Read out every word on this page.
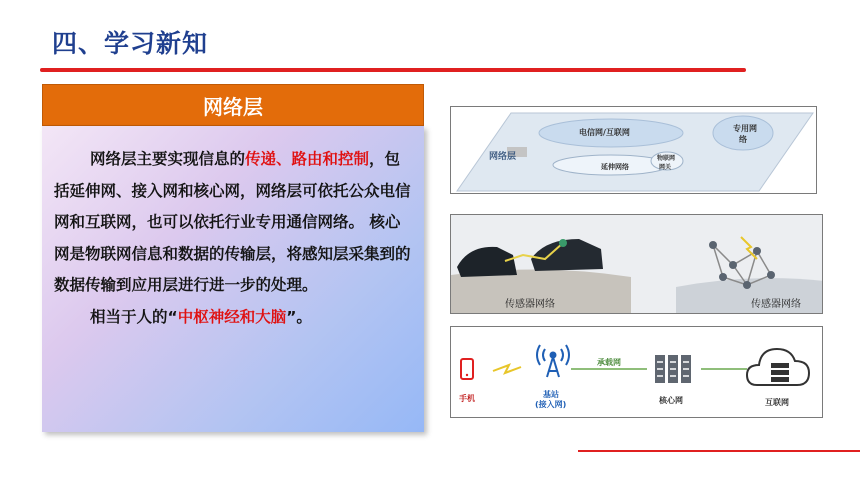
四、学习新知
网络层

网络层主要实现信息的传递、路由和控制，包括延伸网、接入网和核心网，网络层可依托公众电信网和互联网，也可以依托行业专用通信网络。 核心网是物联网信息和数据的传输层，将感知层采集到的数据传输到应用层进行进一步的处理。

相当于人的“中枢神经和大脑”。

电信网/互联网	专用网
络
网络层
延伸网络
物联网
网关
传感器网络	传感器网络
手机	基站
(接入网)
承载网
核心网	互联网
